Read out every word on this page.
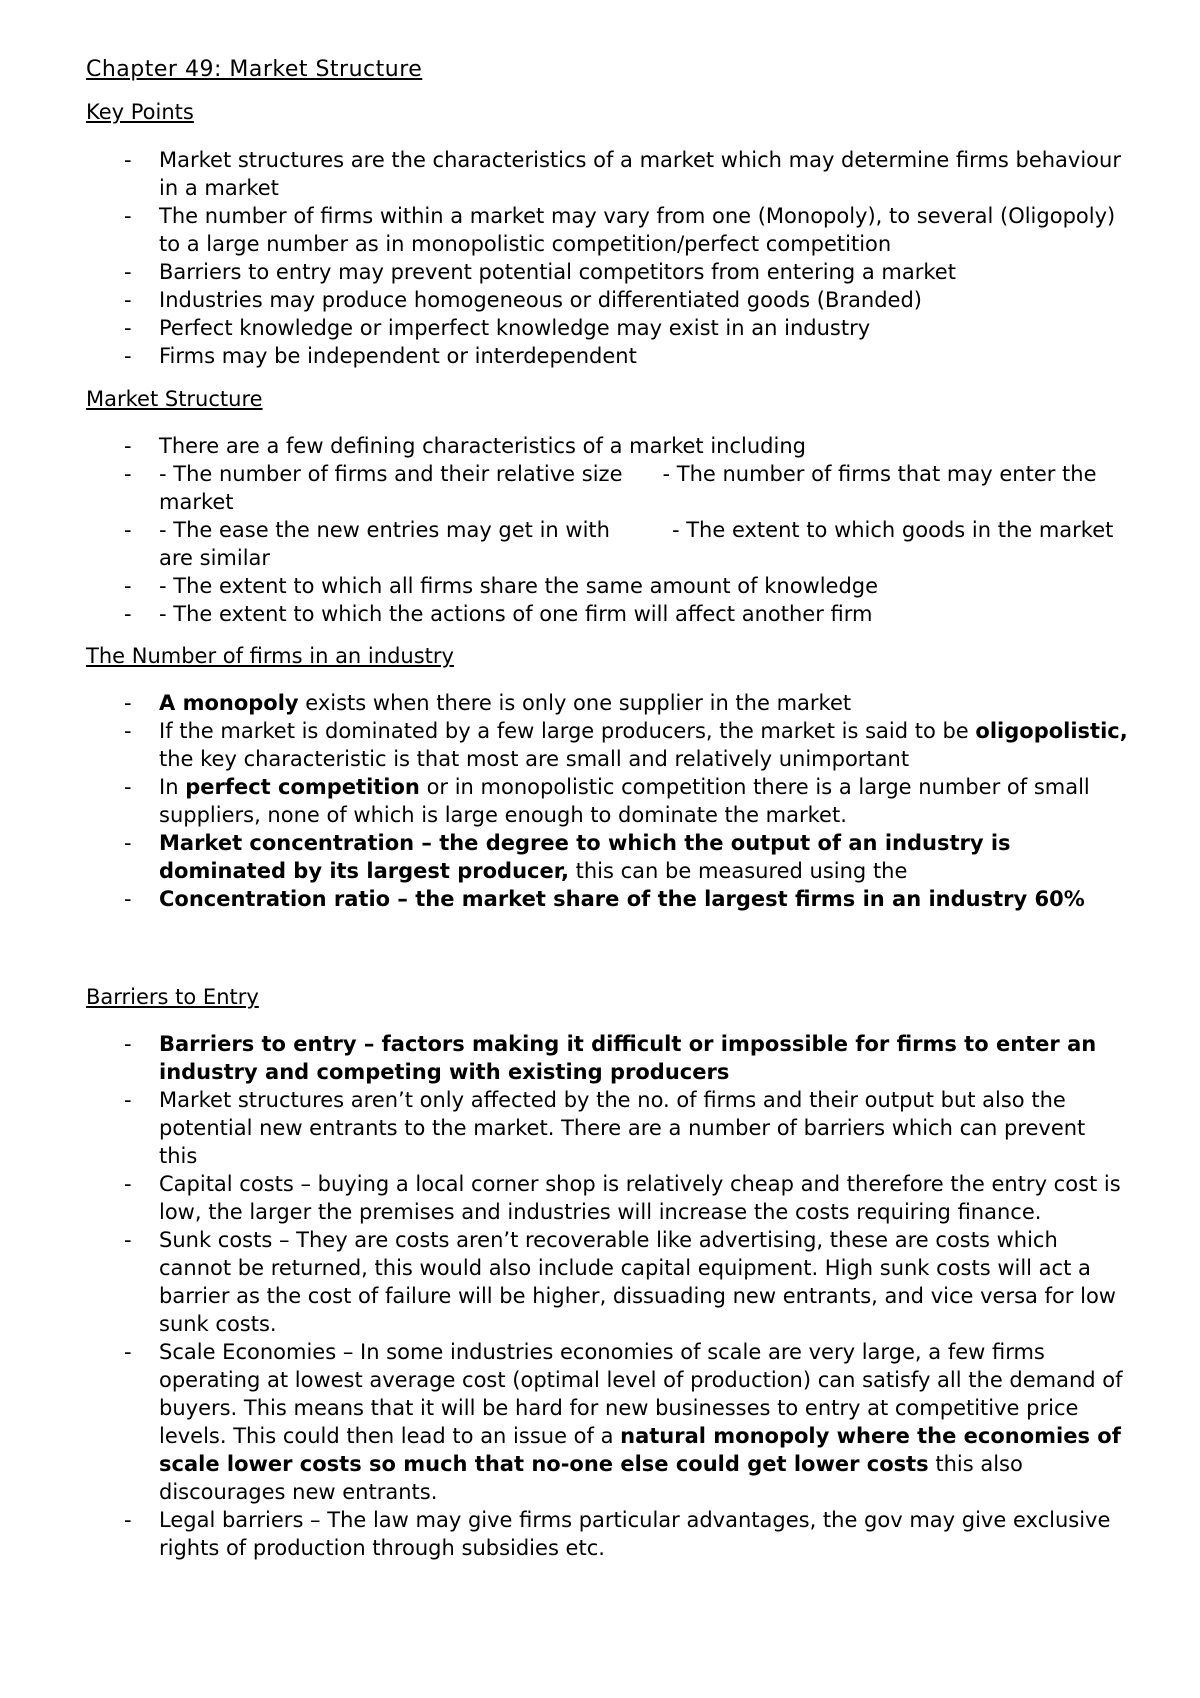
Chapter 49: Market Structure
Key Points
- Market structures are the characteristics of a market which may determine firms behaviour in a market
- The number of firms within a market may vary from one (Monopoly), to several (Oligopoly) to a large number as in monopolistic competition/perfect competition
- Barriers to entry may prevent potential competitors from entering a market
- Industries may produce homogeneous or differentiated goods (Branded)
- Perfect knowledge or imperfect knowledge may exist in an industry
- Firms may be independent or interdependent
Market Structure
- There are a few defining characteristics of a market including
- - The number of firms and their relative size - The number of firms that may enter the market
- - The ease the new entries may get in with	- The extent to which goods in the market are similar
- - The extent to which all firms share the same amount of knowledge
- - The extent to which the actions of one firm will affect another firm
The Number of firms in an industry
- A monopoly exists when there is only one supplier in the market
- If the market is dominated by a few large producers, the market is said to be oligopolistic, the key characteristic is that most are small and relatively unimportant
- In perfect competition or in monopolistic competition there is a large number of small suppliers, none of which is large enough to dominate the market.
- Market concentration – the degree to which the output of an industry is dominated by its largest producer, this can be measured using the
- Concentration ratio – the market share of the largest firms in an industry 60%
Barriers to Entry
- Barriers to entry – factors making it difficult or impossible for firms to enter an industry and competing with existing producers
- Market structures aren’t only affected by the no. of firms and their output but also the potential new entrants to the market. There are a number of barriers which can prevent this
- Capital costs – buying a local corner shop is relatively cheap and therefore the entry cost is low, the larger the premises and industries will increase the costs requiring finance.
- Sunk costs – They are costs aren’t recoverable like advertising, these are costs which cannot be returned, this would also include capital equipment. High sunk costs will act a barrier as the cost of failure will be higher, dissuading new entrants, and vice versa for low sunk costs.
- Scale Economies – In some industries economies of scale are very large, a few firms operating at lowest average cost (optimal level of production) can satisfy all the demand of buyers. This means that it will be hard for new businesses to entry at competitive price levels. This could then lead to an issue of a natural monopoly where the economies of scale lower costs so much that no-one else could get lower costs this also discourages new entrants.
- Legal barriers – The law may give firms particular advantages, the gov may give exclusive rights of production through subsidies etc.
